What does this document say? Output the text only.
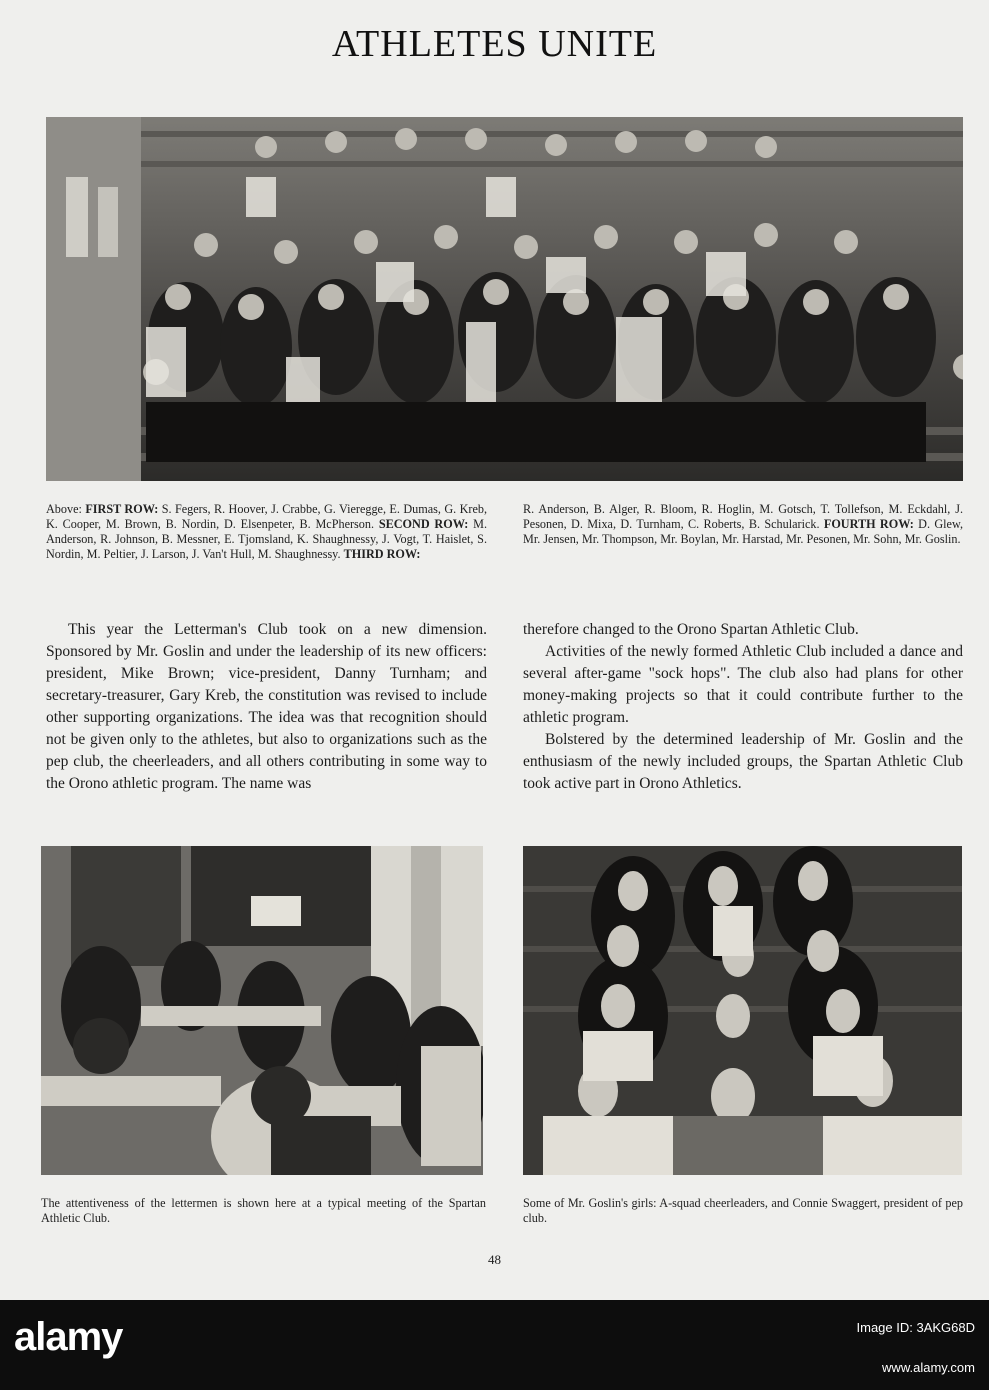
ATHLETES UNITE
Above: FIRST ROW: S. Fegers, R. Hoover, J. Crabbe, G. Vieregge, E. Dumas, G. Kreb, K. Cooper, M. Brown, B. Nordin, D. Elsenpeter, B. McPherson. SECOND ROW: M. Anderson, R. Johnson, B. Messner, E. Tjomsland, K. Shaughnessy, J. Vogt, T. Haislet, S. Nordin, M. Peltier, J. Larson, J. Van't Hull, M. Shaughnessy. THIRD ROW:
R. Anderson, B. Alger, R. Bloom, R. Hoglin, M. Gotsch, T. Tollefson, M. Eckdahl, J. Pesonen, D. Mixa, D. Turnham, C. Roberts, B. Schularick. FOURTH ROW: D. Glew, Mr. Jensen, Mr. Thompson, Mr. Boylan, Mr. Harstad, Mr. Pesonen, Mr. Sohn, Mr. Goslin.

This year the Letterman's Club took on a new dimension. Sponsored by Mr. Goslin and under the leadership of its new officers: president, Mike Brown; vice-president, Danny Turnham; and secretary-treasurer, Gary Kreb, the constitution was revised to include other supporting organizations. The idea was that recognition should not be given only to the athletes, but also to organizations such as the pep club, the cheerleaders, and all others contributing in some way to the Orono athletic program. The name was

therefore changed to the Orono Spartan Athletic Club.

Activities of the newly formed Athletic Club included a dance and several after-game "sock hops". The club also had plans for other money-making projects so that it could contribute further to the athletic program.

Bolstered by the determined leadership of Mr. Goslin and the enthusiasm of the newly included groups, the Spartan Athletic Club took active part in Orono Athletics.

The attentiveness of the lettermen is shown here at a typical meeting of the Spartan Athletic Club.
Some of Mr. Goslin's girls: A-squad cheerleaders, and Connie Swaggert, president of pep club.
48
alamy	Image ID: 3AKG68D
www.alamy.com
